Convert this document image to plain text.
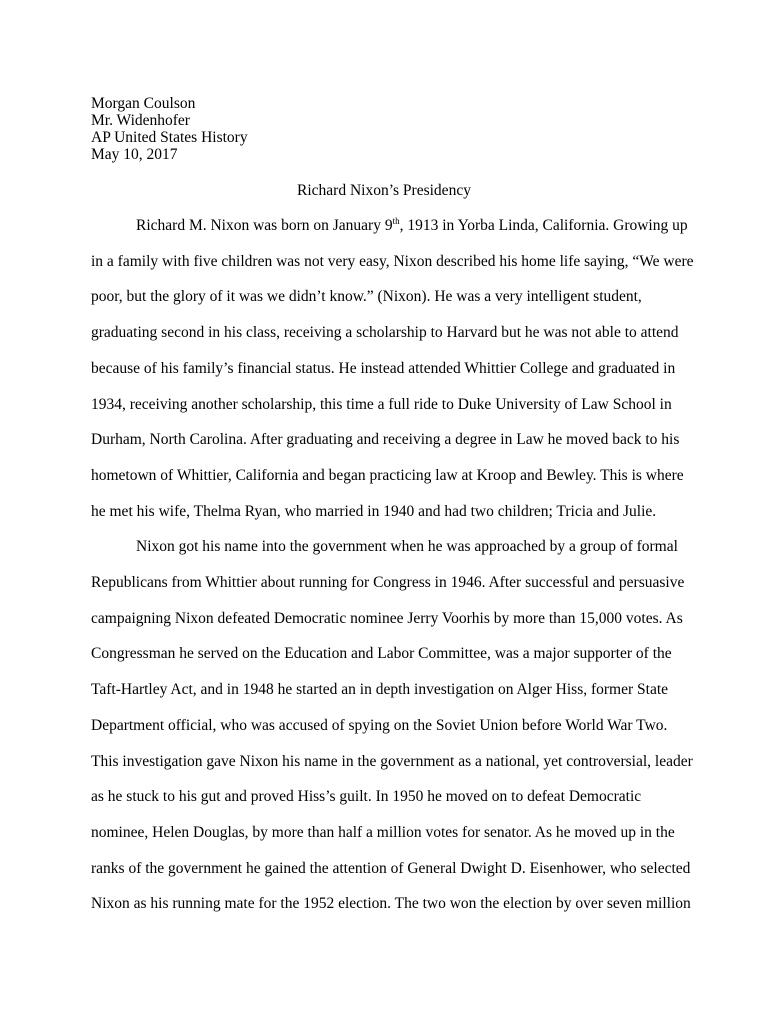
Morgan Coulson
Mr. Widenhofer
AP United States History
May 10, 2017
Richard Nixon’s Presidency
Richard M. Nixon was born on January 9th, 1913 in Yorba Linda, California. Growing up
in a family with five children was not very easy, Nixon described his home life saying, “We were
poor, but the glory of it was we didn’t know.” (Nixon). He was a very intelligent student,
graduating second in his class, receiving a scholarship to Harvard but he was not able to attend
because of his family’s financial status. He instead attended Whittier College and graduated in
1934, receiving another scholarship, this time a full ride to Duke University of Law School in
Durham, North Carolina. After graduating and receiving a degree in Law he moved back to his
hometown of Whittier, California and began practicing law at Kroop and Bewley. This is where
he met his wife, Thelma Ryan, who married in 1940 and had two children; Tricia and Julie.
Nixon got his name into the government when he was approached by a group of formal
Republicans from Whittier about running for Congress in 1946. After successful and persuasive
campaigning Nixon defeated Democratic nominee Jerry Voorhis by more than 15,000 votes. As
Congressman he served on the Education and Labor Committee, was a major supporter of the
Taft-Hartley Act, and in 1948 he started an in depth investigation on Alger Hiss, former State
Department official, who was accused of spying on the Soviet Union before World War Two.
This investigation gave Nixon his name in the government as a national, yet controversial, leader
as he stuck to his gut and proved Hiss’s guilt. In 1950 he moved on to defeat Democratic
nominee, Helen Douglas, by more than half a million votes for senator. As he moved up in the
ranks of the government he gained the attention of General Dwight D. Eisenhower, who selected
Nixon as his running mate for the 1952 election. The two won the election by over seven million
